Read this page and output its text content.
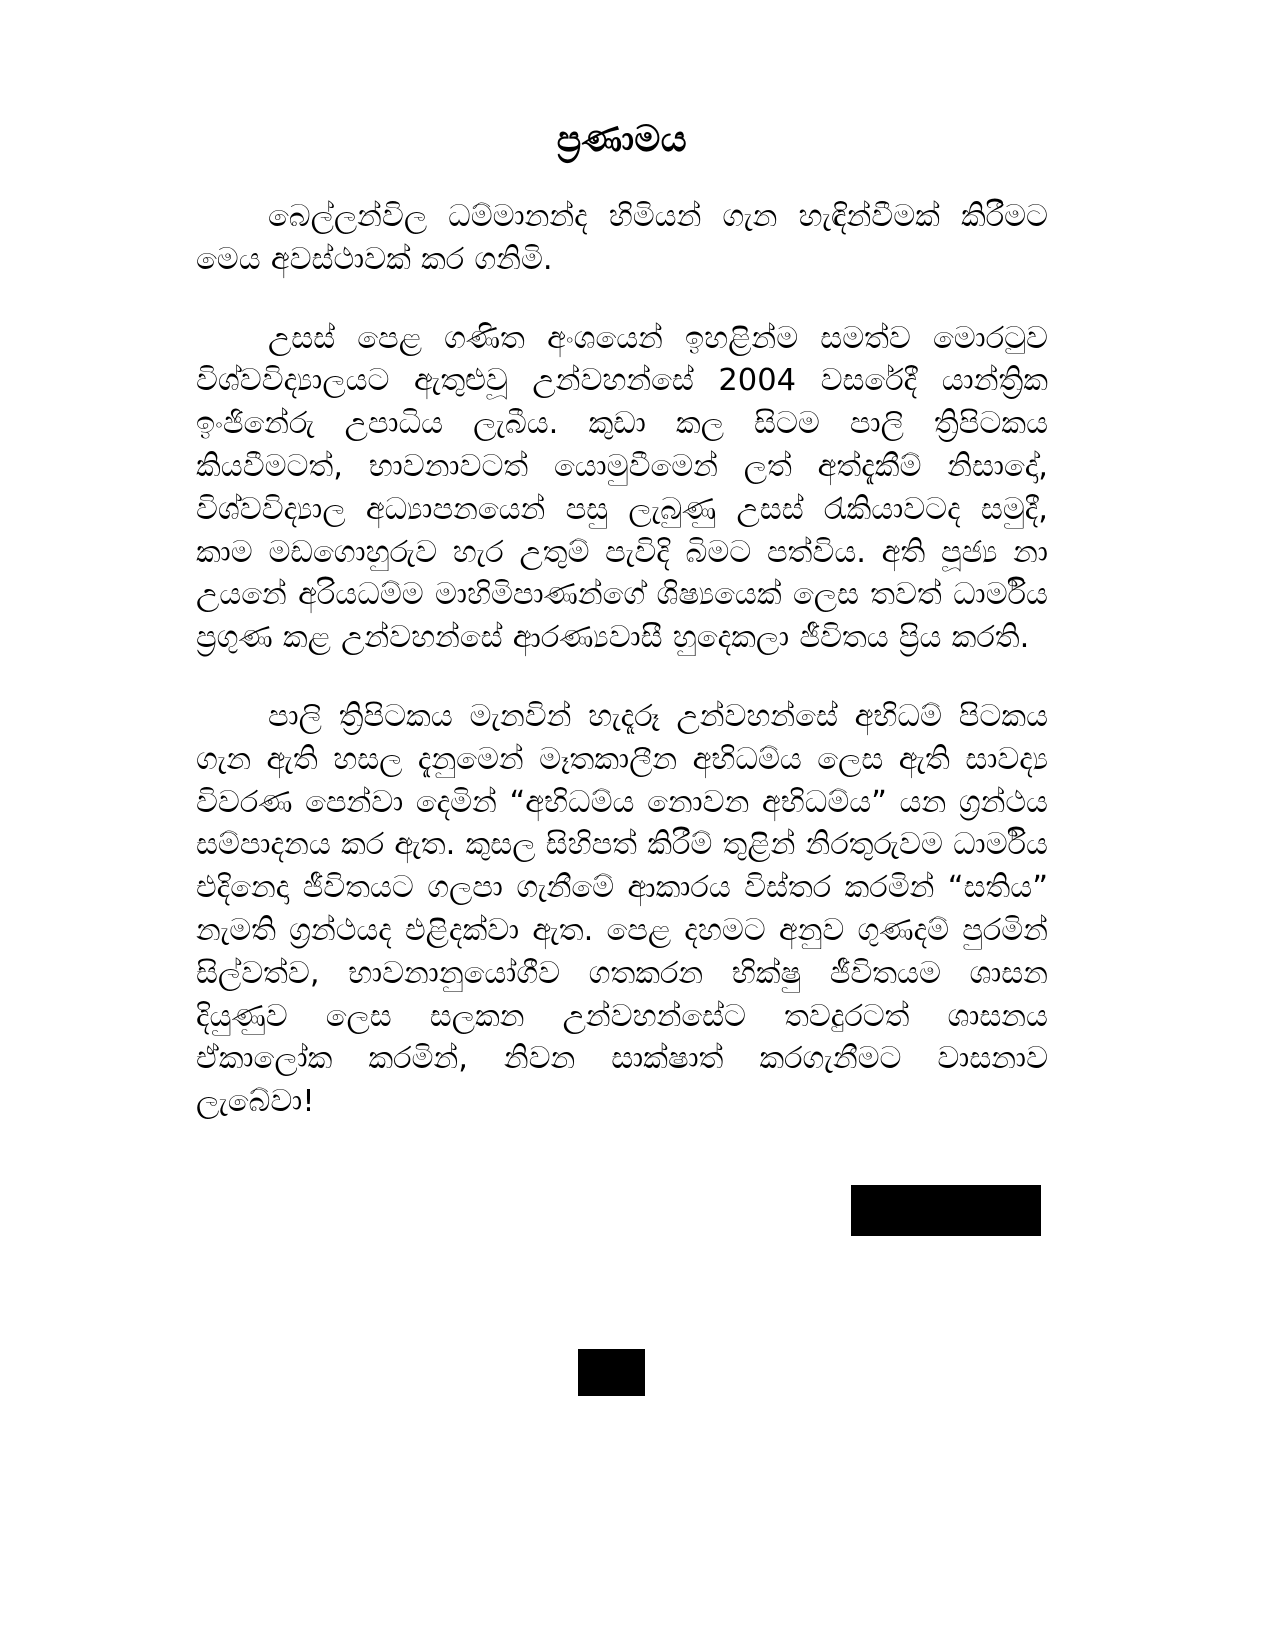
ප්‍රණාමය

බෙල්ලන්විල ධම්මානන්ද හිමියන් ගැන හැඳින්වීමක් කිරීමට මෙය අවස්ථාවක් කර ගනිමි.

උසස් පෙළ ගණිත අංශයෙන් ඉහළින්ම සමත්ව මොරටුව විශ්වවිද්‍යාලයට ඇතුළුවූ උන්වහන්සේ 2004 වසරේදී යාන්ත්‍රික ඉංජිනේරු උපාධිය ලැබීය. කුඩා කල සිටම පාලි ත්‍රිපිටකය කියවීමටත්, භාවනාවටත් යොමුවීමෙන් ලත් අත්දැකීම් නිසාදෝ, විශ්වවිද්‍යාල අධ්‍යාපනයෙන් පසු ලැබුණු උසස් රැකියාවටද සමුදී, කාම මඩගොහුරුව හැර උතුම් පැවිදි බිමට පත්විය. අති පූජ්‍ය නා උයනේ අරියධම්ම මාහිමිපාණන්ගේ ශිෂ්‍යයෙක් ලෙස තවත් ධාර්මිය ප්‍රගුණ කළ උන්වහන්සේ ආරණ්‍යවාසී හුදෙකලා ජීවිතය ප්‍රිය කරති.

පාලි ත්‍රිපිටකය මැනවින් හැදෑරූ උන්වහන්සේ අභිධම් පිටකය ගැන ඇති හසල දැනුමෙන් මෑතකාලීන අභිධම්ය ලෙස ඇති සාවද්‍ය විවරණ පෙන්වා දෙමින් “අභිධම්ය නොවන අභිධම්ය” යන ග්‍රන්ථය සම්පාදනය කර ඇත. කුසල සිහිපත් කිරීම් තුළින් නිරතුරුවම ධාර්මිය එදිනෙදා ජීවිතයට ගලපා ගැනීමේ ආකාරය විස්තර කරමින් “සතිය” නැමති ග්‍රන්ථයද එළිදක්වා ඇත. පෙළ දහමට අනුව ගුණදම් පුරමින් සිල්වත්ව, භාවනානුයෝගීව ගතකරන භික්ෂු ජීවිතයම ශාසන දියුණුව ලෙස සලකන උන්වහන්සේට තවදුරටත් ශාසනය ඒකාලෝක කරමින්, නිවන සාක්ෂාත් කරගැනීමට වාසනාව ලැබේවා!
